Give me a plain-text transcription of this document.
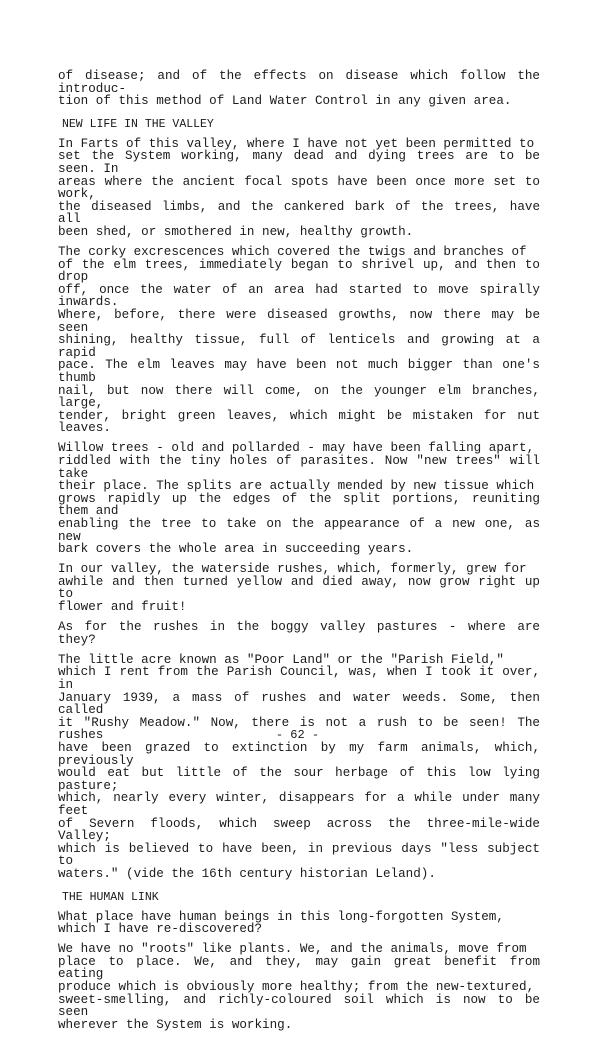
of disease; and of the effects on disease which follow the introduc-
tion of this method of Land Water Control in any given area.

NEW LIFE IN THE VALLEY

In Farts of this valley, where I have not yet been permitted to
set the System working, many dead and dying trees are to be seen. In
areas where the ancient focal spots have been once more set to work,
the diseased limbs, and the cankered bark of the trees, have all
been shed, or smothered in new, healthy growth.

The corky excrescences which covered the twigs and branches of
of the elm trees, immediately began to shrivel up, and then to drop
off, once the water of an area had started to move spirally inwards.
Where, before, there were diseased growths, now there may be seen
shining, healthy tissue, full of lenticels and growing at a rapid
pace. The elm leaves may have been not much bigger than one's thumb
nail, but now there will come, on the younger elm branches, large,
tender, bright green leaves, which might be mistaken for nut leaves.

Willow trees - old and pollarded - may have been falling apart,
riddled with the tiny holes of parasites. Now "new trees" will take
their place. The splits are actually mended by new tissue which
grows rapidly up the edges of the split portions, reuniting them and
enabling the tree to take on the appearance of a new one, as new
bark covers the whole area in succeeding years.

In our valley, the waterside rushes, which, formerly, grew for
awhile and then turned yellow and died away, now grow right up to
flower and fruit!

As for the rushes in the boggy valley pastures - where are they?

The little acre known as "Poor Land" or the "Parish Field,"
which I rent from the Parish Council, was, when I took it over, in
January 1939, a mass of rushes and water weeds. Some, then called
it "Rushy Meadow." Now, there is not a rush to be seen! The rushes
have been grazed to extinction by my farm animals, which, previously
would eat but little of the sour herbage of this low lying pasture;
which, nearly every winter, disappears for a while under many feet
of Severn floods, which sweep across the three-mile-wide Valley;
which is believed to have been, in previous days "less subject to
waters." (vide the 16th century historian Leland).

THE HUMAN LINK

What place have human beings in this long-forgotten System,
which I have re-discovered?

We have no "roots" like plants. We, and the animals, move from
place to place. We, and they, may gain great benefit from eating
produce which is obviously more healthy; from the new-textured,
sweet-smelling, and richly-coloured soil which is now to be seen
wherever the System is working.

- 62 -
